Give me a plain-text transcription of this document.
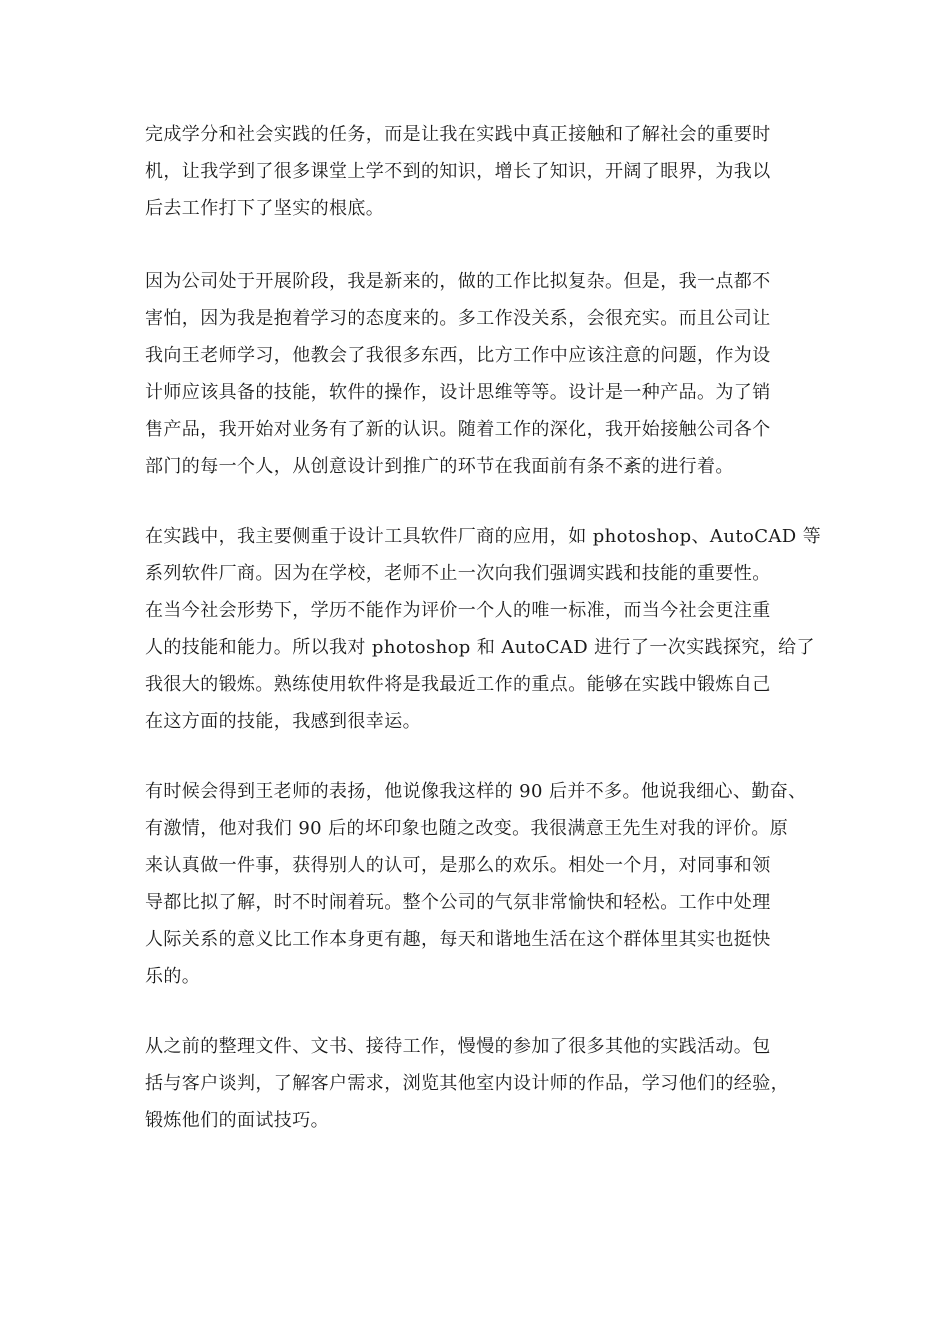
完成学分和社会实践的任务，而是让我在实践中真正接触和了解社会的重要时
机，让我学到了很多课堂上学不到的知识，增长了知识，开阔了眼界，为我以
后去工作打下了坚实的根底。
因为公司处于开展阶段，我是新来的，做的工作比拟复杂。但是，我一点都不
害怕，因为我是抱着学习的态度来的。多工作没关系，会很充实。而且公司让
我向王老师学习，他教会了我很多东西，比方工作中应该注意的问题，作为设
计师应该具备的技能，软件的操作，设计思维等等。设计是一种产品。为了销
售产品，我开始对业务有了新的认识。随着工作的深化，我开始接触公司各个
部门的每一个人，从创意设计到推广的环节在我面前有条不紊的进行着。
在实践中，我主要侧重于设计工具软件厂商的应用，如 photoshop、AutoCAD 等
系列软件厂商。因为在学校，老师不止一次向我们强调实践和技能的重要性。
在当今社会形势下，学历不能作为评价一个人的唯一标准，而当今社会更注重
人的技能和能力。所以我对 photoshop 和 AutoCAD 进行了一次实践探究，给了
我很大的锻炼。熟练使用软件将是我最近工作的重点。能够在实践中锻炼自己
在这方面的技能，我感到很幸运。
有时候会得到王老师的表扬，他说像我这样的 90 后并不多。他说我细心、勤奋、
有激情，他对我们 90 后的坏印象也随之改变。我很满意王先生对我的评价。原
来认真做一件事，获得别人的认可，是那么的欢乐。相处一个月，对同事和领
导都比拟了解，时不时闹着玩。整个公司的气氛非常愉快和轻松。工作中处理
人际关系的意义比工作本身更有趣，每天和谐地生活在这个群体里其实也挺快
乐的。
从之前的整理文件、文书、接待工作，慢慢的参加了很多其他的实践活动。包
括与客户谈判，了解客户需求，浏览其他室内设计师的作品，学习他们的经验，
锻炼他们的面试技巧。
